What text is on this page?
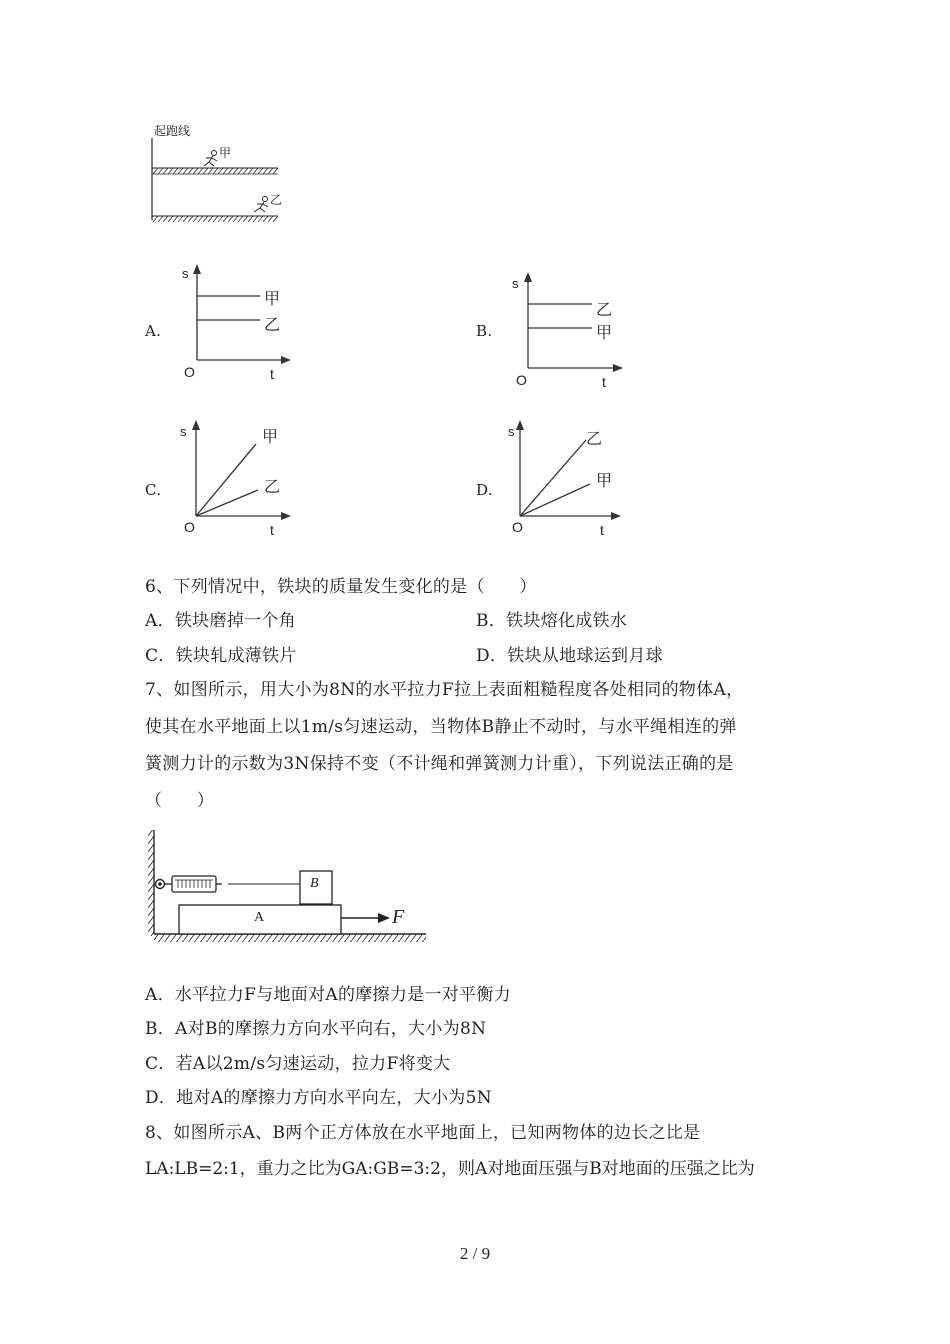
起跑线
甲
乙
A.
s
O	t
甲
乙	B.
s
O	t
乙
甲
C.
s
O	t
甲
乙	D.
s
O	t
乙
甲
6、下列情况中，铁块的质量发生变化的是（　　）
A．铁块磨掉一个角	B．铁块熔化成铁水
C．铁块轧成薄铁片	D．铁块从地球运到月球
7、如图所示，用大小为8N的水平拉力F拉上表面粗糙程度各处相同的物体A，
使其在水平地面上以1m/s匀速运动，当物体B静止不动时，与水平绳相连的弹
簧测力计的示数为3N保持不变（不计绳和弹簧测力计重），下列说法正确的是
（　　）
B
A	F
A．水平拉力F与地面对A的摩擦力是一对平衡力
B．A对B的摩擦力方向水平向右，大小为8N
C．若A以2m/s匀速运动，拉力F将变大
D．地对A的摩擦力方向水平向左，大小为5N
8、如图所示A、B两个正方体放在水平地面上，已知两物体的边长之比是
LA:LB=2:1，重力之比为GA:GB=3:2，则A对地面压强与B对地面的压强之比为
2 / 9
